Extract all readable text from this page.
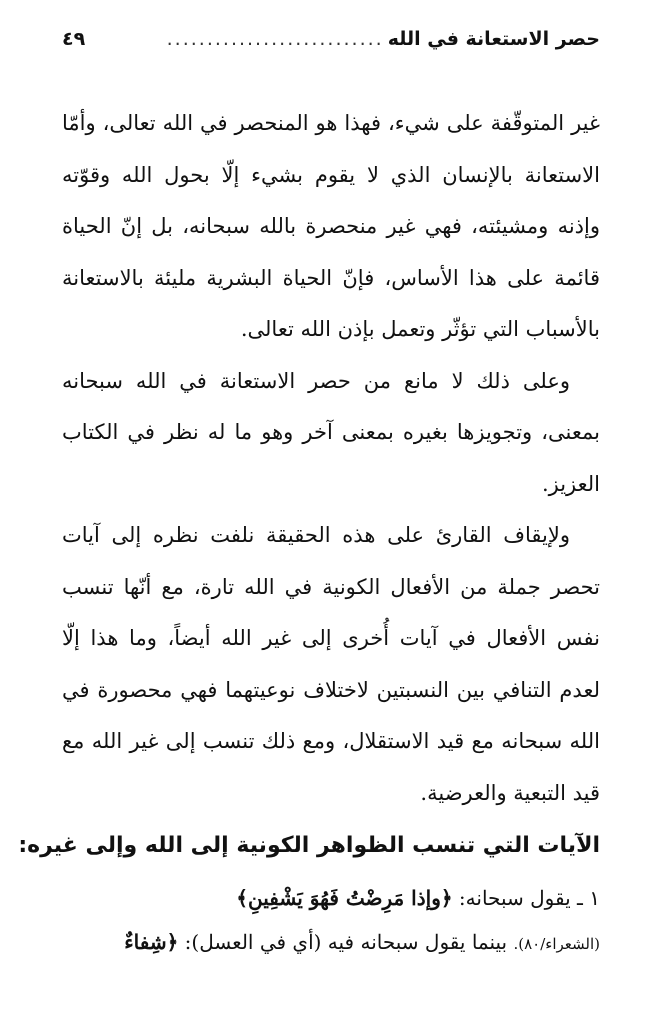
حصر الاستعانة في الله
...........................
٤٩

غير المتوقّفة على شيء، فهذا هو المنحصر في الله تعالى، وأمّا الاستعانة بالإنسان الذي لا يقوم بشيء إلّا بحول الله وقوّته وإذنه ومشيئته، فهي غير منحصرة بالله سبحانه، بل إنّ الحياة قائمة على هذا الأساس، فإنّ الحياة البشرية مليئة بالاستعانة بالأسباب التي تؤثّر وتعمل بإذن الله تعالى.

وعلى ذلك لا مانع من حصر الاستعانة في الله سبحانه بمعنى، وتجويزها بغيره بمعنى آخر وهو ما له نظر في الكتاب العزيز.

ولإيقاف القارئ على هذه الحقيقة نلفت نظره إلى آيات تحصر جملة من الأفعال الكونية في الله تارة، مع أنّها تنسب نفس الأفعال في آيات أُخرى إلى غير الله أيضاً، وما هذا إلّا لعدم التنافي بين النسبتين لاختلاف نوعيتهما فهي محصورة في الله سبحانه مع قيد الاستقلال، ومع ذلك تنسب إلى غير الله مع قيد التبعية والعرضية.

الآيات التي تنسب الظواهر الكونية إلى الله وإلى غيره:
١ ـ يقول سبحانه: ﴿وإذا مَرِضْتُ فَهُوَ يَشْفِينِ﴾
(الشعراء/٨٠). بينما يقول سبحانه فيه (أي في العسل): ﴿شِفاءٌ
